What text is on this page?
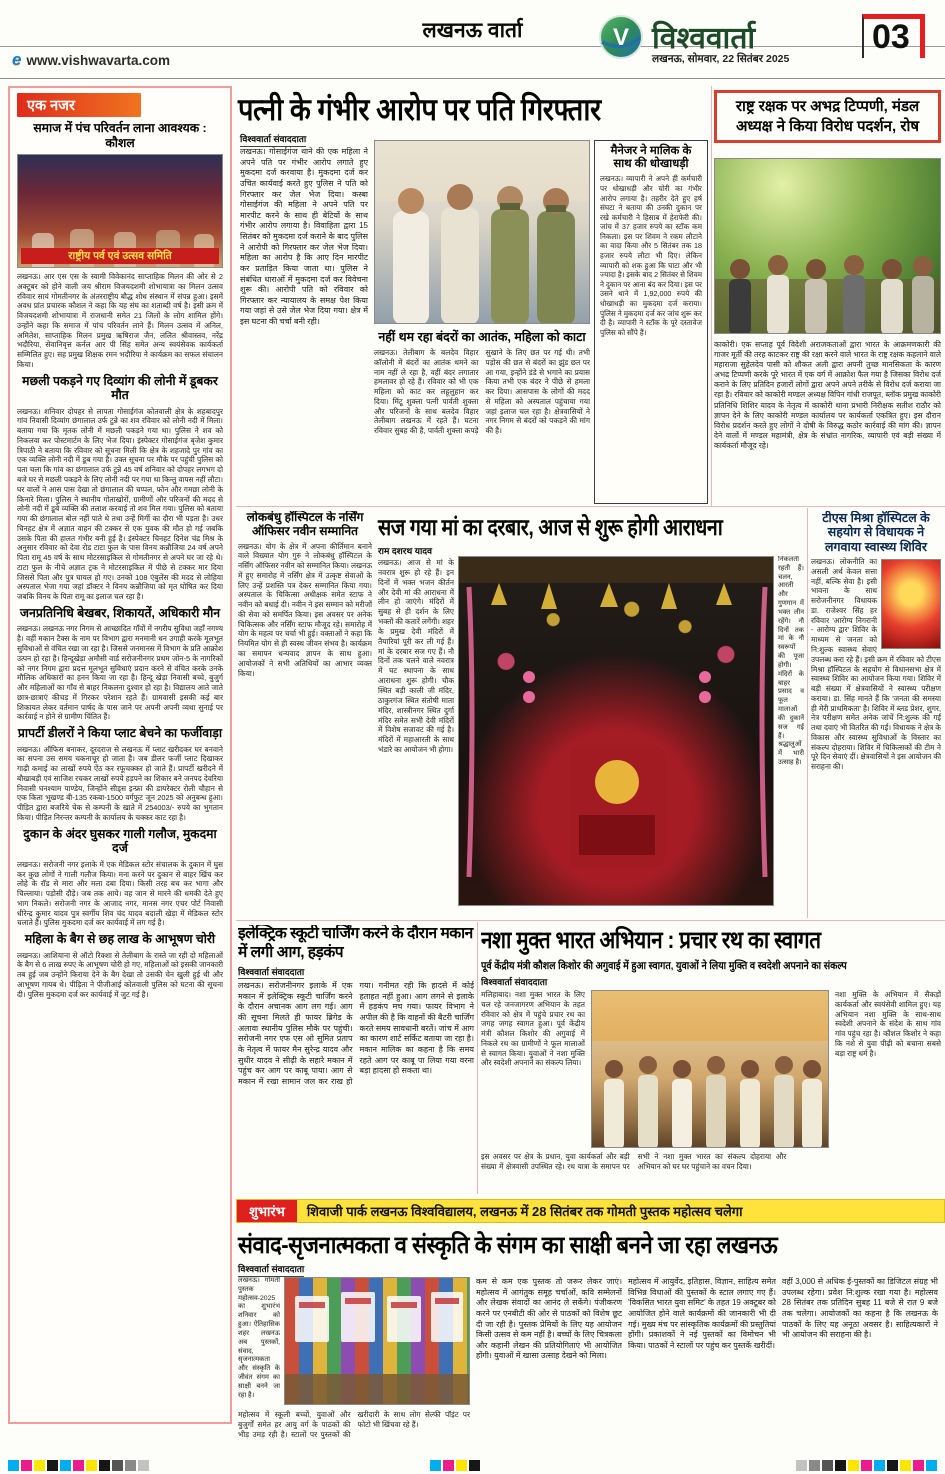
लखनऊ वार्ता
e www.vishwavarta.com
V विश्ववार्ता
लखनऊ, सोमवार, 22 सितंबर 2025
03
एक नजर
समाज में पंच परिवर्तन लाना आवश्यक : कौशल
राष्ट्रीय पर्व एवं उत्सव समिति
लखनऊ। आर एस एस के स्वामी विवेकानंद साप्ताहिक मिलन की ओर से 2 अक्टूबर को होने वाली जय श्रीराम विजयदशमी शोभायात्रा का मिलन उत्सव रविवार सायं गोमतीनगर के अंतरराष्ट्रीय बौद्ध शोध संस्थान में संपन्न हुआ। इसमें अवध प्रांत प्रचारक कौशल ने कहा कि यह संघ का शताब्दी वर्ष है। इसी क्रम में विजयदशमी शोभायात्रा में राजधानी समेत 21 जिलों के लोग शामिल होंगे। उन्होंने कहा कि समाज में पांच परिवर्तन लाने हैं। मिलन उत्सव में अनिल, अमितेश, साप्ताहिक मिलन प्रमुख ऋषिराज जैन, ललित श्रीवास्तव, नरेंद्र भदौरिया, सेवानिवृत्त कर्नल आर पी सिंह समेत अन्य स्वयंसेवक कार्यकर्ता सम्मिलित हुए। सह प्रमुख शिक्षक रमन भदौरिया ने कार्यक्रम का सफल संचालन किया।
मछली पकड़ने गए दिव्यांग की लोनी में डूबकर मौत
लखनऊ। शनिवार दोपहर से लापता गोसाईगंज कोतवाली क्षेत्र के शहबादपुर गांव निवासी दिव्यांग छंगालाल उर्फ टुन्ने का शव रविवार को लोनी नदी में मिला। बताया गया कि मृतक लोनी में मछली पकड़ने गया था। पुलिस ने शव को निकलवा कर पोस्टमार्टम के लिए भेज दिया। इंस्पेक्टर गोसाईगंज बृजेश कुमार त्रिपाठी ने बताया कि रविवार को सूचना मिली कि क्षेत्र के शहजादे पुर गांव का एक व्यक्ति लोनी नदी में डूब गया है। उक्त सूचना पर मौके पर पहुंची पुलिस को पता चला कि गांव का छंगालाल उर्फ टुन्ने 45 वर्ष शनिवार को दोपहर लगभग दो बजे घर से मछली पकड़ने के लिए लोनी नदी पर गया था किन्तु वापस नहीं लौटा। घर वालों ने आस पास देखा तो छंगालाल की चप्पल, फोन और गमछा लोनी के किनारे मिला। पुलिस ने स्थानीय गोताखोरों, ग्रामीणों और परिजनों की मदद से लोनी नदी में डूबे व्यक्ति की तलाश करवाई तो शव मिल गया। पुलिस को बताया गया की छंगालाल बोल नहीं पाते थे तथा उन्हें मिर्गी का दौरा भी पड़ता है। उधर चिनहट क्षेत्र में अज्ञात वाहन की टक्कर से एक युवक की मौत हो गई जबकि उसके पिता की हालत गंभीर बनी हुई है। इंस्पेक्टर चिनहट दिनेश चंद्र मिश्र के अनुसार रविवार को देवा रोड टाटा फुल के पास विनय कन्नौजिया 24 वर्ष अपने पिता रामू 45 वर्ष के साथ मोटरसाइकिल से गोमतीनगर से अपने घर जा रहे थे। टाटा फुल के नीचे अज्ञात ट्रक ने मोटरसाइकिल में पीछे से टक्कर मार दिया जिससे पिता और पुत्र घायल हो गए। उनको 108 एंबुलेंस की मदद से लोहिया अस्पताल भेजा गया जहां डॉक्टर ने विनय कन्नौजिया को मृत घोषित कर दिया जबकि विनय के पिता रामू का इलाज चल रहा है।
जनप्रतिनिधि बेखबर, शिकायतें, अधिकारी मौन
लखनऊ। लखनऊ नगर निगम से आच्छादित गाँवों में नगरीय सुविधा जहाँ नगण्य है। वहीं मकान टैक्स के नाम पर विभाग द्वारा मनमानी धन उगाही करके मूलभूत सुविधाओं से वंचित रखा जा रहा है। जिससे जनमानस में विभाग के प्रति आक्रोश उत्पन हो रहा है। हिन्दूखेड़ा अमौसी वार्ड सरोजनीनगर प्रथम जोन-5 के नागरिकों को नगर निगम द्वारा प्रदत्त मूलभूत सुविधाएं प्रदान करने से वंचित करके उनके मौलिक अधिकारों का हनन किया जा रहा है। हिन्दू खेड़ा निवासी बच्चे, बुजुर्ग और महिलाओं का गाँव से बाहर निकलना दुश्वार हो रहा है। विद्यालय आते जाते छात्र-छात्राएं कीचड़ में गिरकर परेशान रहते हैं। ग्रामवासी इसकी कई बार शिकायत लेकर वर्तमान पार्षद के पास जाने पर अपनी अपनी व्यथा सुनाई पर कार्रवाई न होने से ग्रामीण चिंतित हैं।
प्रापर्टी डीलरों ने किया प्लाट बेचने का फर्जीवाड़ा
लखनऊ। ऑफिस बनाकर, दूरदराज से लखनऊ में प्लाट खरीदकर घर बनवाने का सपना उस समय चकनाचूर हो जाता है। जब डीलर फर्जी प्लाट दिखाकर गाढ़ी कमाई का लाखों रुपये ऐंठ कर रफूचक्कर हो जाते हैं। प्रापर्टी खरीदने में बौखाबड़ी एवं साजिश रचकर लाखों रुपये हड़पने का शिकार बने जनपद देवरिया निवासी घनश्याम पाण्डेय, जिन्होंने सीड्स इन्फ्रा की डायरेक्टर रोली चौहान से एक किता भूखण्ड बी-135 रकबा-1500 वर्गफुट जून 2025 को अनुबन्ध हुआ। पीड़ित द्वारा बजरिये चेक से कम्पनी के खाते में 254003/- रुपये का भुगतान किया। पीड़ित निरन्तर कम्पनी के कार्यालय के चक्कर काट रहा है।
दुकान के अंदर घुसकर गाली गलौज, मुकदमा दर्ज
लखनऊ। सरोजनी नगर इलाके में एक मेडिकल स्टोर संचालक के दुकान में घुस कर कुछ लोगों ने गाली गलौज किया। मना करने पर दुकान से बाहर खिंच कर लोहे के रॉड से मारा और मला दबा दिया। किसी तरह बच कर भागा और चिल्लाया। पड़ोसी दौड़े। जब तक आये। वह जान से मारने की धमकी देते हुए भाग निकले। सरोजनी नगर के आजाद नगर, मानस नगर एचर पोर्ट निवासी धीरेन्द्र कुमार यादव पुत्र स्वर्गीय शिव चंद यादव बदाली खेड़ा में मेडिकल स्टोर चलाते हैं। पुलिस मुकदमा दर्ज कर कार्यवाई में लग गई है।
महिला के बैग से छह लाख के आभूषण चोरी
लखनऊ। आशियाना से ऑटो रिक्शा से तेलीबाग के रास्ते जा रही दो महिलाओं के बैग से 6 लाख रुपए के आभूषण चोरी हो गए, महिलाओं को इसकी जानकारी तब हुई जब उन्होंने किराया देने के बैग देखा तो उसकी चेन खुली हुई थी और आभूषण गायब थे। पीड़िता ने पीजीआई कोतवाली पुलिस को घटना की सूचना दी। पुलिस मुकदमा दर्ज कर कार्यवाई में जुट गई है।
पत्नी के गंभीर आरोप पर पति गिरफ्तार
विश्ववार्ता संवाददाता
लखनऊ। गोसाईगंज थाने की एक महिला ने अपने पति पर गंभीर आरोप लगाते हुए मुकदमा दर्ज करवाया है। मुकदमा दर्ज कर उचित कार्यवाई करते हुए पुलिस ने पति को गिरफ्तार कर जेल भेज दिया। कस्बा गोसाईगंज की महिला ने अपने पति पर मारपीट करने के साथ ही बेटियों के साथ गंभीर आरोप लगाया है। विवाहिता द्वारा 15 सितंबर को मुकदमा दर्ज कराने के बाद पुलिस ने आरोपी को गिरफ्तार कर जेल भेज दिया। महिला का आरोप है कि आए दिन मारपीट कर प्रताड़ित किया जाता था। पुलिस ने संबंधित धाराओं में मुकदमा दर्ज कर विवेचना शुरू की। आरोपी पति को रविवार को गिरफ्तार कर न्यायालय के समक्ष पेश किया गया जहां से उसे जेल भेज दिया गया। क्षेत्र में इस घटना की चर्चा बनी रही।
नहीं थम रहा बंदरों का आतंक, महिला को काटा
लखनऊ। तेलीबाग के बलदेव विहार कॉलोनी में बंदरों का आतंक थमने का नाम नहीं ले रहा है, वहीं बंदर लगातार हमलावर हो रहे हैं। रविवार को भी एक महिला को काट कर लहूलुहान कर दिया। मिंटू शुक्ला पत्नी पार्वती शुक्ला और परिजनों के साथ बलदेव विहार तेलीबाग लखनऊ में रहते हैं। घटना रविवार सुबह की है, पार्वती शुक्ला कपड़े सुखाने के लिए छत पर गई थी। तभी पड़ोस की छत से बंदरों का झुंड छत पर आ गया, इन्होंने डंडे से भगाने का प्रयास किया तभी एक बंदर ने पीछे से हमला कर दिया। आसपास के लोगों की मदद से महिला को अस्पताल पहुंचाया गया जहां इलाज चल रहा है। क्षेत्रवासियों ने नगर निगम से बंदरों को पकड़ने की मांग की है।
मैनेजर ने मालिक के साथ की धोखाधड़ी
लखनऊ। व्यापारी ने अपने ही कर्मचारी पर धोखाधड़ी और चोरी का गंभीर आरोप लगाया है। तहरीर देते हुए हर्ष संघटा ने बताया की उनकी दुकान पर रखे कर्मचारी ने हिसाब में हेराफेरी की। जांच में 37 हजार रुपये का स्टॉक कम निकला। इस पर शिवम ने रकम लौटाने का वादा किया और 5 सितंबर तक 18 हजार रुपये लौटा भी दिए। लेकिन व्यापारी को शक हुआ कि घाटा और भी ज्यादा है। इसके बाद 2 सितंबर से शिवम ने दुकान पर आना बंद कर दिया। इस पर उसने थाने में 1,92,000 रुपये की धोखाधड़ी का मुकदमा दर्ज कराया। पुलिस ने मुकदमा दर्ज कर जांच शुरू कर दी है। व्यापारी ने स्टॉक के पूरे दस्तावेज पुलिस को सौंपे हैं।
राष्ट्र रक्षक पर अभद्र टिप्पणी, मंडल अध्यक्ष ने किया विरोध पदर्शन, रोष
काकोरी। एक सप्ताह पूर्व विदेशी अराजकताओं द्वारा भारत के आक्रमणकारी की गाजर मूर्ती की तरह काटकर राष्ट्र की रक्षा करने वाले भारत के राष्ट्र रक्षक कहलाने वाले महाराजा सुहेलदेव पासी को शौकत अली द्वारा अपनी तुच्छ मानसिकता के कारण अभद्र टिप्पणी करके पूरे भारत में एक वर्ग में आक्रोश फैल गया है जिसका विरोध दर्ज कराने के लिए प्रतिदिन हजारों लोगों द्वारा अपने अपने तरीके से विरोध दर्ज कराया जा रहा है। रविवार को काकोरी मण्डल अध्यक्ष विपिन गांधी राजपूत, ब्लॉक प्रमुख काकोरी प्रतिनिधि शिशिर यादव के नेतृत्व में काकोरी थाना प्रभारी निरीक्षक सतीश राठौर को ज्ञापन देने के लिए काकोरी मण्डल कार्यालय पर कार्यकर्ता एकत्रित हुए। इस दौरान विरोध प्रदर्शन करते हुए लोगों ने दोषी के विरुद्ध कठोर कार्रवाई की मांग की। ज्ञापन देने वालों में मण्डल महामंत्री, क्षेत्र के संभ्रांत नागरिक, व्यापारी एवं बड़ी संख्या में कार्यकर्ता मौजूद रहे।
लोकबंधु हॉस्पिटल के नर्सिंग ऑफिसर नवीन सम्मानित
लखनऊ। योग के क्षेत्र में अपना कीर्तिमान बनाने वाले विख्यात योग गुरु ने लोकबंधु हॉस्पिटल के नर्सिंग ऑफिसर नवीन को सम्मानित किया। लखनऊ में हुए समारोह में नर्सिंग क्षेत्र में उत्कृष्ट सेवाओं के लिए उन्हें प्रशस्ति पत्र देकर सम्मानित किया गया। अस्पताल के चिकित्सा अधीक्षक समेत स्टाफ ने नवीन को बधाई दी। नवीन ने इस सम्मान को मरीजों की सेवा को समर्पित किया। इस अवसर पर अनेक चिकित्सक और नर्सिंग स्टाफ मौजूद रहे। समारोह में योग के महत्व पर चर्चा भी हुई। वक्ताओं ने कहा कि नियमित योग से ही स्वस्थ जीवन संभव है। कार्यक्रम का समापन धन्यवाद ज्ञापन के साथ हुआ। आयोजकों ने सभी अतिथियों का आभार व्यक्त किया।
सज गया मां का दरबार, आज से शुरू होगी आराधना
राम दशरथ यादव
लखनऊ। आज से मां के नवरात्र शुरू हो रहे हैं। इन दिनों में भक्त भजन कीर्तन और देवी मां की आराधना में लीन हो जाएंगे। मंदिरों में सुबह से ही दर्शन के लिए भक्तों की कतारें लगेंगी। शहर के प्रमुख देवी मंदिरों में तैयारियां पूरी कर ली गई हैं। मां के दरबार सज गए हैं। नौ दिनों तक चलने वाले नवरात्र में घट स्थापना के साथ आराधना शुरू होगी। चौक स्थित बड़ी काली जी मंदिर, ठाकुरगंज स्थित संतोषी माता मंदिर, शास्त्रीनगर स्थित दुर्गा मंदिर समेत सभी देवी मंदिरों में विशेष सजावट की गई है। मंदिरों में महाआरती के साथ भंडारे का आयोजन भी होगा।
निकलती रहती हैं। चलन, आरती और गुणगान में भक्त लीन रहेंगे। नौ दिनों तक मां के नौ स्वरूपों की पूजा होगी। मंदिरों के बाहर प्रसाद व फूल मालाओं की दुकानें सज गई हैं। श्रद्धालुओं में भारी उत्साह है।
टीएस मिश्रा हॉस्पिटल के सहयोग से विधायक ने लगवाया स्वास्थ्य शिविर
लखनऊ। लोकनीति का असली अर्थ केवल सत्ता नहीं, बल्कि सेवा है। इसी भावना के साथ सरोजनीनगर विधायक डा. राजेश्वर सिंह हर रविवार 'आरोग्य निगरानी - आरोग्य द्वार' शिविर के माध्यम से जनता को नि:शुल्क स्वास्थ्य सेवाएं उपलब्ध करा रहे हैं। इसी क्रम में रविवार को टीएस मिश्रा हॉस्पिटल के सहयोग से विधानसभा क्षेत्र में स्वास्थ्य शिविर का आयोजन किया गया। शिविर में बड़ी संख्या में क्षेत्रवासियों ने स्वास्थ्य परीक्षण कराया। डा. सिंह मानते हैं कि 'जनता की समस्या ही मेरी प्राथमिकता' है। शिविर में ब्लड प्रेशर, शुगर, नेत्र परीक्षण समेत अनेक जांचें नि:शुल्क की गईं तथा दवाएं भी वितरित की गईं। विधायक ने क्षेत्र के विकास और स्वास्थ्य सुविधाओं के विस्तार का संकल्प दोहराया। शिविर में चिकित्सकों की टीम ने पूरे दिन सेवाएं दीं। क्षेत्रवासियों ने इस आयोजन की सराहना की।
इलेक्ट्रिक स्कूटी चार्जिंग करने के दौरान मकान में लगी आग, हड़कंप
विश्ववार्ता संवाददाता
लखनऊ। सरोजनीनगर इलाके में एक मकान में इलेक्ट्रिक स्कूटी चार्जिंग करने के दौरान अचानक आग लग गई। आग की सूचना मिलते ही फायर ब्रिगेड के अलावा स्थानीय पुलिस मौके पर पहुंची। सरोजनी नगर एफ एस ओ सुमित प्रताप के नेतृत्व में फायर मैन सुरेन्द्र यादव और सुधीर यादव ने सीढ़ी के सहारे मकान में पहुंच कर आग पर काबू पाया। आग से मकान में रखा सामान जल कर राख हो गया। गनीमत रही कि हादसे में कोई हताहत नहीं हुआ। आग लगने से इलाके में हड़कंप मच गया। फायर विभाग ने अपील की है कि वाहनों की बैटरी चार्जिंग करते समय सावधानी बरतें। जांच में आग का कारण शार्ट सर्किट बताया जा रहा है। मकान मालिक का कहना है कि समय रहते आग पर काबू पा लिया गया वरना बड़ा हादसा हो सकता था।
नशा मुक्त भारत अभियान : प्रचार रथ का स्वागत
पूर्व केंद्रीय मंत्री कौशल किशोर की अगुवाई में हुआ स्वागत, युवाओं ने लिया मुक्ति व स्वदेशी अपनाने का संकल्प
विश्ववार्ता संवाददाता
मलिहाबाद। नशा मुक्त भारत के लिए चल रहे जनजागरण अभियान के तहत रविवार को क्षेत्र में पहुंचे प्रचार रथ का जगह जगह स्वागत हुआ। पूर्व केंद्रीय मंत्री कौशल किशोर की अगुवाई में निकले रथ का ग्रामीणों ने फूल मालाओं से स्वागत किया। युवाओं ने नशा मुक्ति और स्वदेशी अपनाने का संकल्प लिया।
नशा मुक्ति के अभियान में सैकड़ों कार्यकर्ता और स्वयंसेवी शामिल हुए। यह अभियान नशा मुक्ति के साथ-साथ स्वदेशी अपनाने के संदेश के साथ गांव गांव पहुंच रहा है। कौशल किशोर ने कहा कि नशे से युवा पीढ़ी को बचाना सबसे बड़ा राष्ट्र धर्म है।
इस अवसर पर क्षेत्र के प्रधान, युवा कार्यकर्ता और बड़ी संख्या में क्षेत्रवासी उपस्थित रहे। रथ यात्रा के समापन पर सभी ने नशा मुक्त भारत का संकल्प दोहराया और अभियान को घर घर पहुंचाने का वचन दिया।
शुभारंभ	शिवाजी पार्क लखनऊ विश्वविद्यालय, लखनऊ में 28 सितंबर तक गोमती पुस्तक महोत्सव चलेगा
संवाद-सृजनात्मकता व संस्कृति के संगम का साक्षी बनने जा रहा लखनऊ
विश्ववार्ता संवाददाता
लखनऊ। गोमती पुस्तक महोत्सव-2025 का शुभारंभ शनिवार को हुआ। ऐतिहासिक शहर लखनऊ अब पुस्तकों, संवाद, सृजनात्मकता और संस्कृति के जीवंत संगम का साक्षी बनने जा रहा है।
महोत्सव में स्कूली बच्चों, युवाओं और बुजुर्गों समेत हर आयु वर्ग के पाठकों की भीड़ उमड़ रही है। स्टालों पर पुस्तकों की खरीदारी के साथ लोग सेल्फी पॉइंट पर फोटो भी खिंचवा रहे हैं।
कम से कम एक पुस्तक तो जरूर लेकर जाएं। महोत्सव में आगंतुक समूह चर्चाओं, कवि सम्मेलनों और लेखक संवादों का आनंद ले सकेंगे। पंजीकरण करने पर एनबीटी की ओर से पाठकों को विशेष छूट दी जा रही है। पुस्तक प्रेमियों के लिए यह आयोजन किसी उत्सव से कम नहीं है। बच्चों के लिए चित्रकला और कहानी लेखन की प्रतियोगिताएं भी आयोजित होंगी। युवाओं में खासा उत्साह देखने को मिला।
महोत्सव में आयुर्वेद, इतिहास, विज्ञान, साहित्य समेत विभिन्न विधाओं की पुस्तकों के स्टाल लगाए गए हैं। 'विकसित भारत युवा समिट' के तहत 19 अक्टूबर को आयोजित होने वाले कार्यक्रमों की जानकारी भी दी गई। मुख्य मंच पर सांस्कृतिक कार्यक्रमों की प्रस्तुतियां होंगी। प्रकाशकों ने नई पुस्तकों का विमोचन भी किया। पाठकों ने स्टालों पर पहुंच कर पुस्तकें खरीदीं।
वहीं 3,000 से अधिक ई-पुस्तकों का डिजिटल संग्रह भी उपलब्ध रहेगा। प्रवेश नि:शुल्क रखा गया है। महोत्सव 28 सितंबर तक प्रतिदिन सुबह 11 बजे से रात 9 बजे तक चलेगा। आयोजकों का कहना है कि लखनऊ के पाठकों के लिए यह अनूठा अवसर है। साहित्यकारों ने भी आयोजन की सराहना की है।
